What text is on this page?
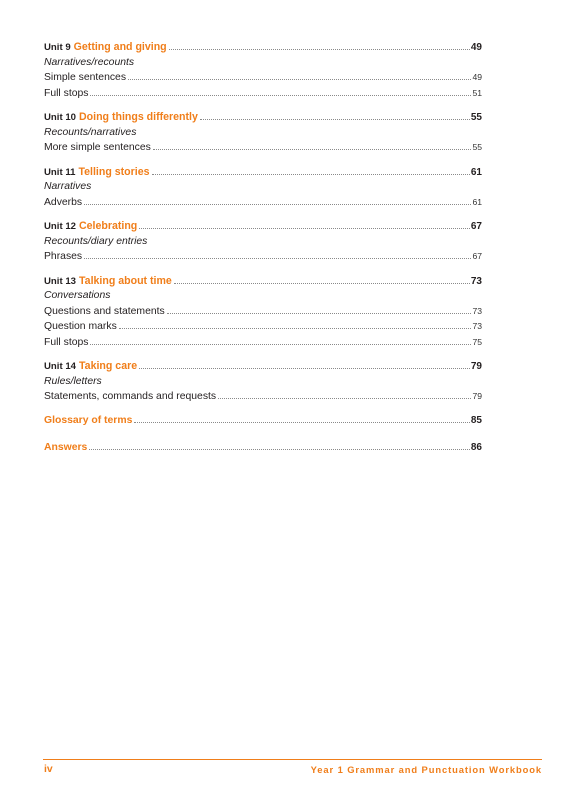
Unit 9 Getting and giving	49
Narratives/recounts
Simple sentences	49
Full stops	51
Unit 10 Doing things differently	55
Recounts/narratives
More simple sentences	55
Unit 11 Telling stories	61
Narratives
Adverbs	61
Unit 12 Celebrating	67
Recounts/diary entries
Phrases	67
Unit 13 Talking about time	73
Conversations
Questions and statements	73
Question marks	73
Full stops	75
Unit 14 Taking care	79
Rules/letters
Statements, commands and requests	79
Glossary of terms	85
Answers	86
iv	Year 1 Grammar and Punctuation Workbook
